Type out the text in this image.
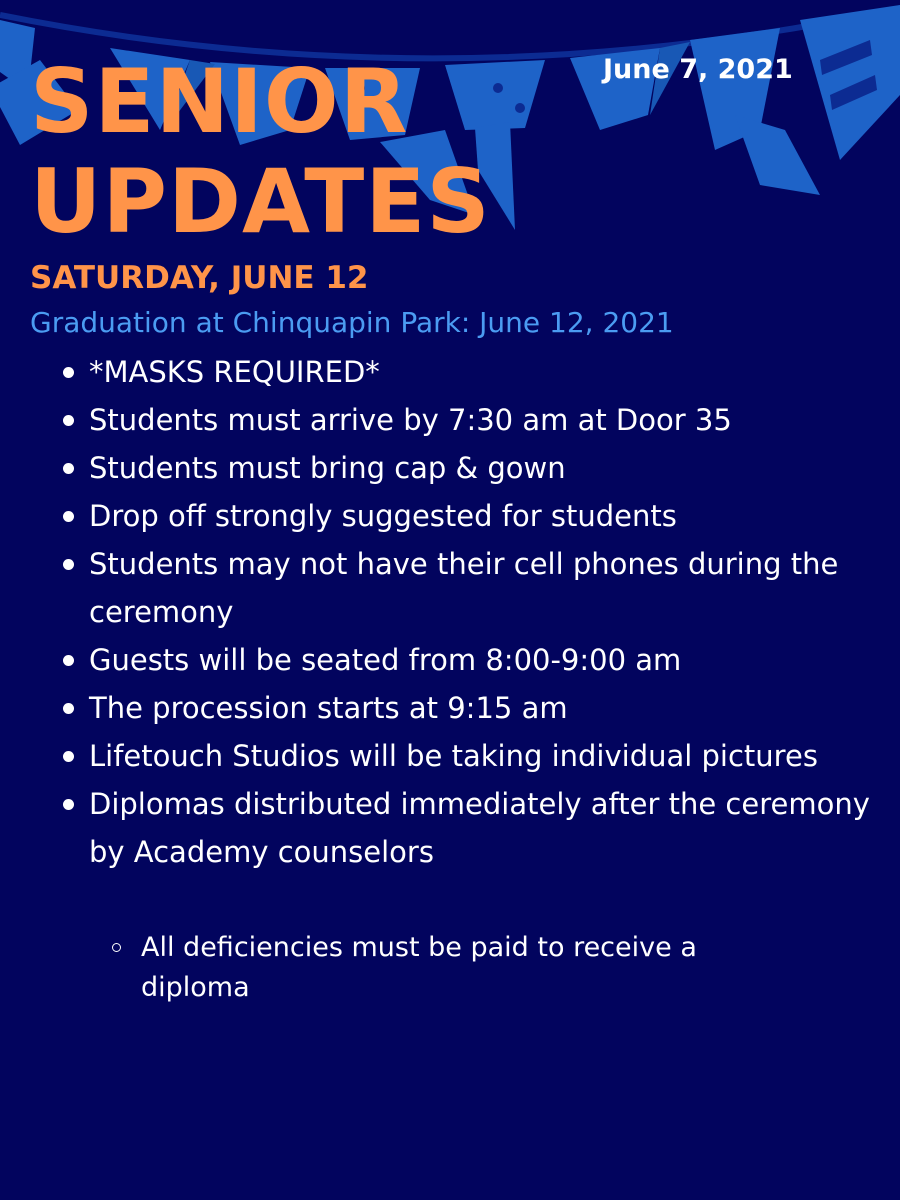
SENIOR
UPDATES
June 7, 2021
SATURDAY, JUNE 12
Graduation at Chinquapin Park: June 12, 2021
*MASKS REQUIRED*
Students must arrive by 7:30 am at Door 35
Students must bring cap & gown
Drop off strongly suggested for students
Students may not have their cell phones during the ceremony
Guests will be seated from 8:00-9:00 am
The procession starts at 9:15 am
Lifetouch Studios will be taking individual pictures
Diplomas distributed immediately after the ceremony by Academy counselors
All deficiencies must be paid to receive a diploma
